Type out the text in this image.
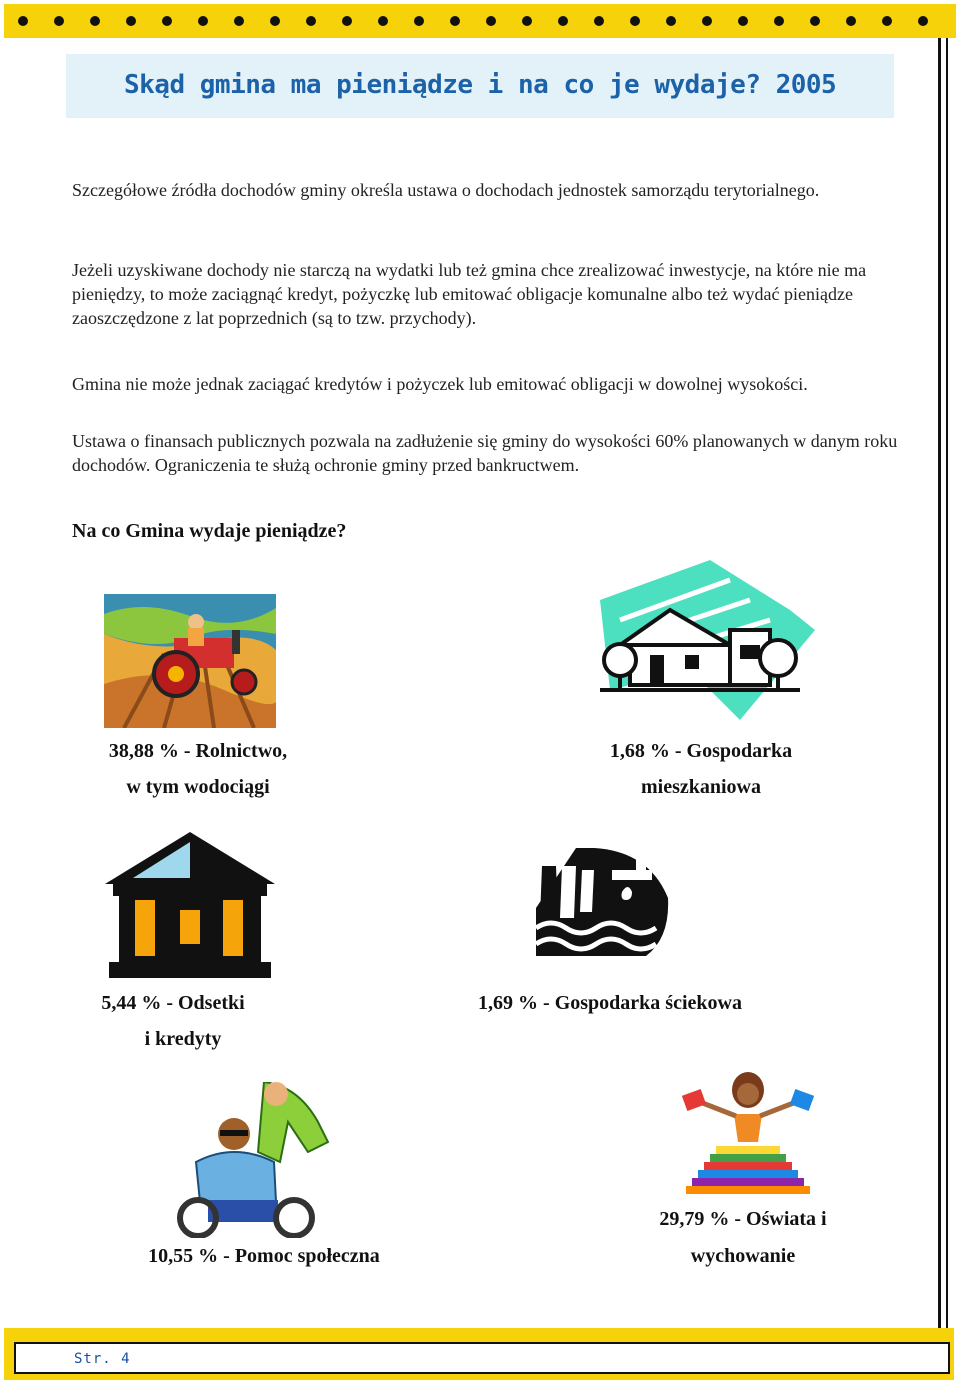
Skąd gmina ma pieniądze i na co je wydaje? 2005

Szczegółowe źródła dochodów gminy określa ustawa o dochodach jednostek samorządu terytorialnego.

Jeżeli uzyskiwane dochody nie starczą na wydatki lub też gmina chce zrealizować inwestycje, na które nie ma pieniędzy, to może zaciągnąć kredyt, pożyczkę lub emitować obligacje komunalne albo też wydać pieniądze zaoszczędzone z lat poprzednich (są to tzw. przychody).

Gmina nie może jednak zaciągać kredytów i pożyczek lub emitować obligacji w dowolnej wysokości.

Ustawa o finansach publicznych pozwala na zadłużenie się gminy do wysokości 60% planowanych w danym roku dochodów. Ograniczenia te służą ochronie gminy przed bankructwem.

Na co Gmina wydaje pieniądze?

38,88 % - Rolnictwo,

w tym wodociągi

1,68 % - Gospodarka

mieszkaniowa

5,44 % - Odsetki

i kredyty

1,69 % - Gospodarka ściekowa

10,55 % - Pomoc społeczna

29,79 % - Oświata i

wychowanie

Str. 4
